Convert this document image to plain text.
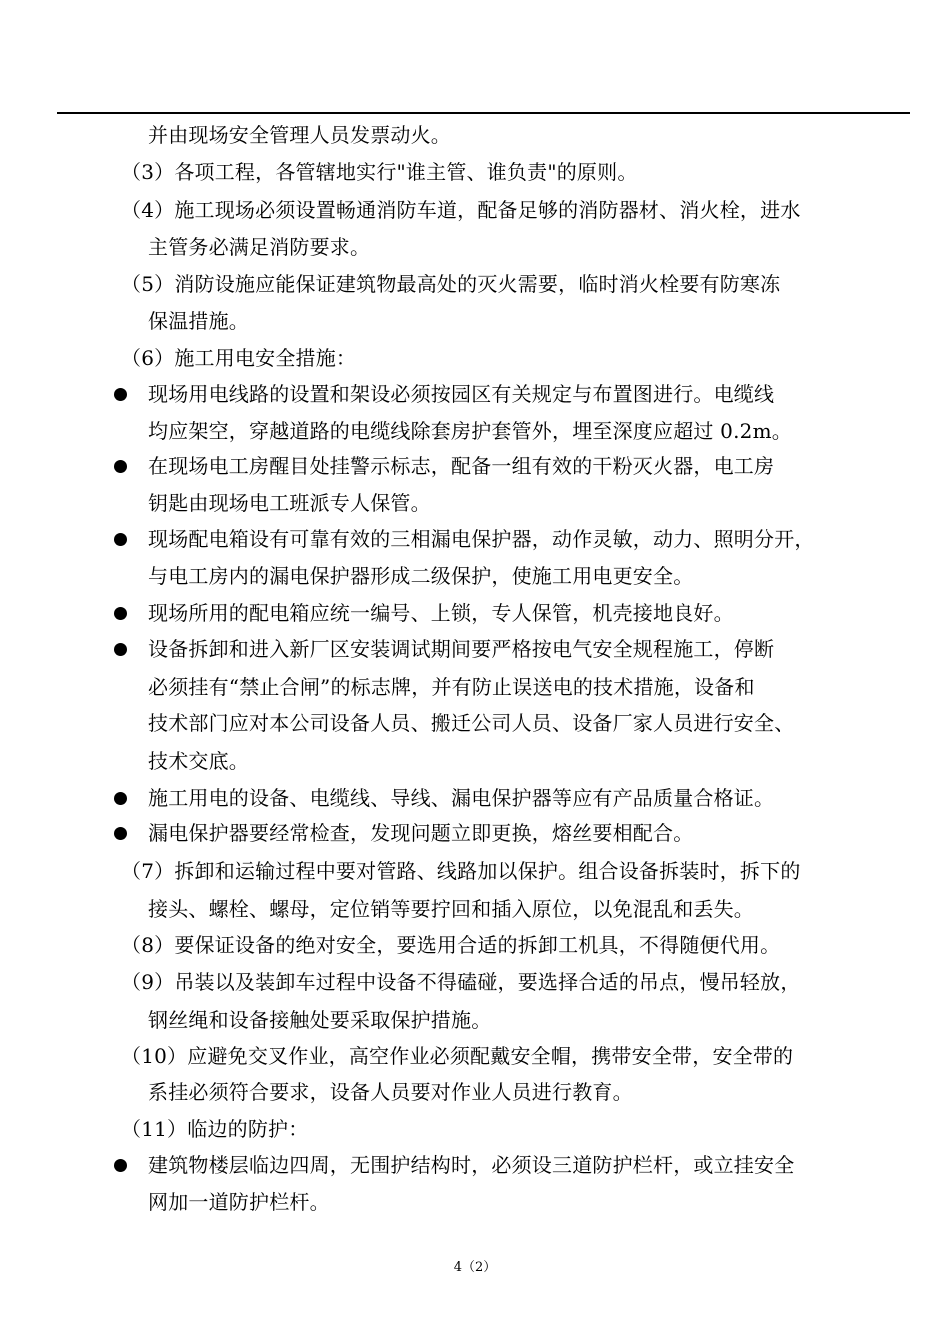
并由现场安全管理人员发票动火。
（3）各项工程，各管辖地实行"谁主管、谁负责"的原则。
（4）施工现场必须设置畅通消防车道，配备足够的消防器材、消火栓，进水
主管务必满足消防要求。
（5）消防设施应能保证建筑物最高处的灭火需要，临时消火栓要有防寒冻
保温措施。
（6）施工用电安全措施：
现场用电线路的设置和架设必须按园区有关规定与布置图进行。电缆线
均应架空，穿越道路的电缆线除套房护套管外，埋至深度应超过 0.2m。
在现场电工房醒目处挂警示标志，配备一组有效的干粉灭火器，电工房
钥匙由现场电工班派专人保管。
现场配电箱设有可靠有效的三相漏电保护器，动作灵敏，动力、照明分开，
与电工房内的漏电保护器形成二级保护，使施工用电更安全。
现场所用的配电箱应统一编号、上锁，专人保管，机壳接地良好。
设备拆卸和进入新厂区安装调试期间要严格按电气安全规程施工，停断
必须挂有“禁止合闸”的标志牌，并有防止误送电的技术措施，设备和
技术部门应对本公司设备人员、搬迁公司人员、设备厂家人员进行安全、
技术交底。
施工用电的设备、电缆线、导线、漏电保护器等应有产品质量合格证。
漏电保护器要经常检查，发现问题立即更换，熔丝要相配合。
（7）拆卸和运输过程中要对管路、线路加以保护。组合设备拆装时，拆下的
接头、螺栓、螺母，定位销等要拧回和插入原位，以免混乱和丢失。
（8）要保证设备的绝对安全，要选用合适的拆卸工机具，不得随便代用。
（9）吊装以及装卸车过程中设备不得磕碰，要选择合适的吊点，慢吊轻放，
钢丝绳和设备接触处要采取保护措施。
（10）应避免交叉作业，高空作业必须配戴安全帽，携带安全带，安全带的
系挂必须符合要求，设备人员要对作业人员进行教育。
（11）临边的防护：
建筑物楼层临边四周，无围护结构时，必须设三道防护栏杆，或立挂安全
网加一道防护栏杆。
4（2）
